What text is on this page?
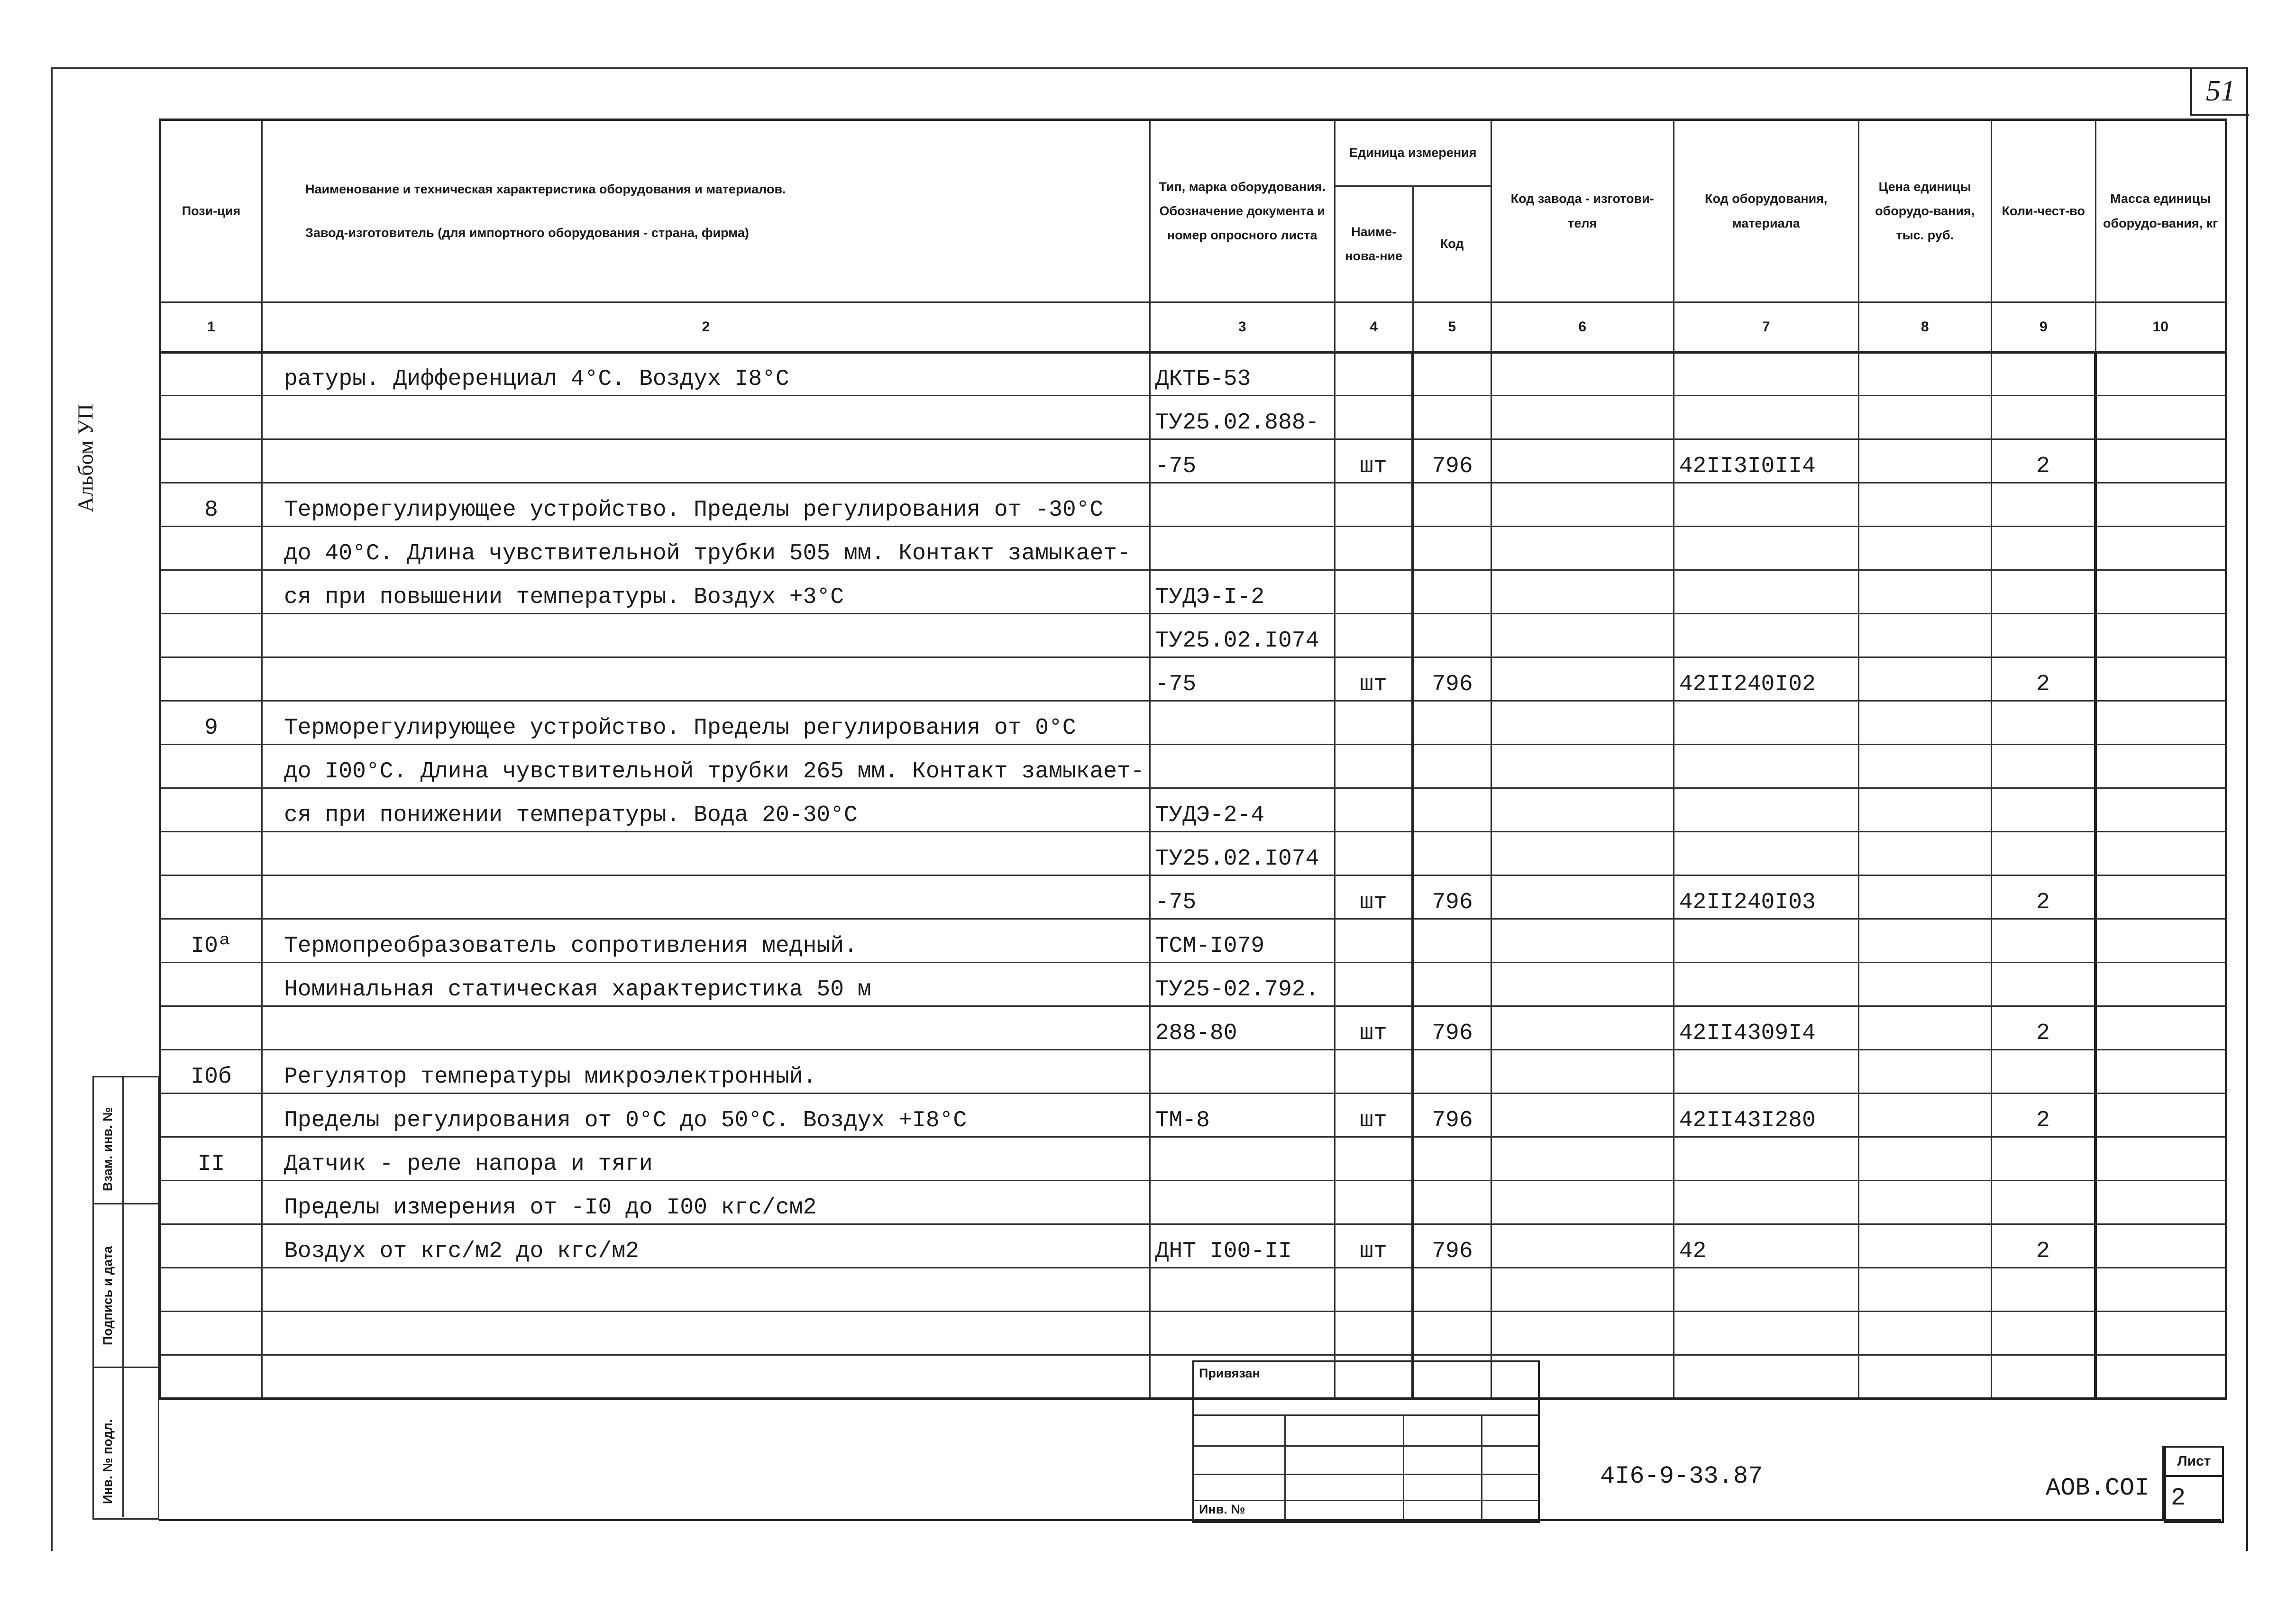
Альбом УП
51
Пози-ция	Наименование и техническая характеристика оборудования и материалов.
Завод-изготовитель (для импортного оборудования - страна, фирма)	Тип, марка оборудования. Обозначение документа и номер опросного листа	Единица измерения		Код завода - изготови-теля	Код оборудования, материала	Цена единицы оборудо-вания, тыс. руб.	Коли-чест-во	Масса единицы оборудо-вания, кг
			Наиме-нова-ние	Код					
1	2	3	4	5	6	7	8	9	10
	ратуры. Дифференциал 4°С. Воздух I8°С	ДКТБ-53							
		ТУ25.02.888-							
		-75	шт	796		42II3I0II4		2	
8	Терморегулирующее устройство. Пределы регулирования от -30°С								
	до 40°С. Длина чувствительной трубки 505 мм. Контакт замыкает-								
	ся при повышении температуры. Воздух +3°С	ТУДЭ-I-2							
		ТУ25.02.I074							
		-75	шт	796		42II240I02		2	
9	Терморегулирующее устройство. Пределы регулирования от 0°С								
	до I00°С. Длина чувствительной трубки 265 мм. Контакт замыкает-								
	ся при понижении температуры. Вода 20-30°С	ТУДЭ-2-4							
		ТУ25.02.I074							
		-75	шт	796		42II240I03		2	
I0ª	Термопреобразователь сопротивления медный.	ТСМ-I079							
	Номинальная статическая характеристика 50 м	ТУ25-02.792.							
		288-80	шт	796		42II4309I4		2	
I0б	Регулятор температуры микроэлектронный.								
	Пределы регулирования от 0°С до 50°С. Воздух +I8°С	ТМ-8	шт	796		42II43I280		2	
II	Датчик - реле напора и тяги								
	Пределы измерения от -I0 до I00 кгс/см2								
	Воздух от кгс/м2 до кгс/м2	ДНТ I00-II	шт	796		42		2	

Взам. инв. №
Подпись и дата
Инв. № подл.
Привязан
Инв. №
4I6-9-33.87	АОВ.СОI
Лист
2
